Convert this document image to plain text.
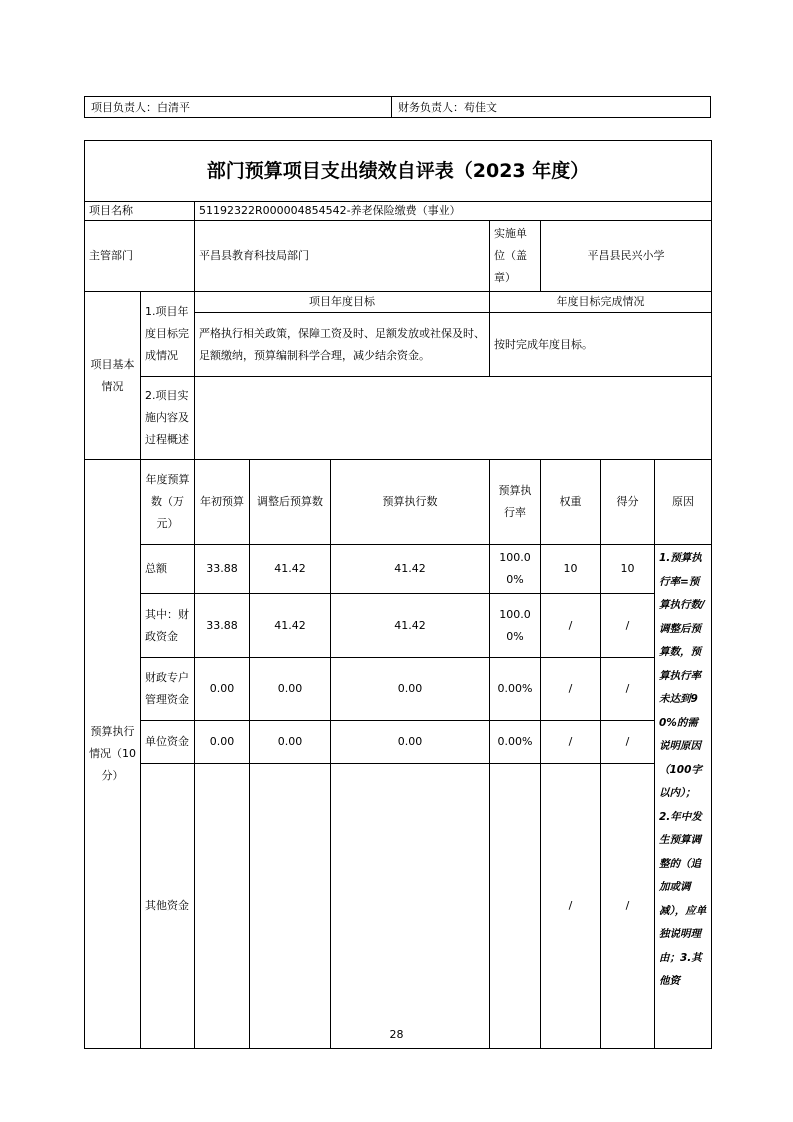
项目负责人：白清平	财务负责人：苟佳文
部门预算项目支出绩效自评表（2023 年度）								
项目名称		51192322R000004854542-养老保险缴费（事业）						
主管部门		平昌县教育科技局部门			实施单位（盖章）	平昌县民兴小学		
项目基本情况	1.项目年度目标完成情况	项目年度目标			年度目标完成情况			
		严格执行相关政策，保障工资及时、足额发放或社保及时、足额缴纳，预算编制科学合理，减少结余资金。			按时完成年度目标。			
	2.项目实施内容及过程概述							
预算执行情况（10分）	年度预算数（万元）	年初预算	调整后预算数	预算执行数	预算执行率	权重	得分	原因
	总额	33.88	41.42	41.42	100.00%	10	10	1.预算执行率=预算执行数/调整后预算数，预算执行率未达到90%的需说明原因（100字以内）；2.年中发生预算调整的（追加或调减），应单独说明理由；3.其他资
	其中：财政资金	33.88	41.42	41.42	100.00%	/	/	
	财政专户管理资金	0.00	0.00	0.00	0.00%	/	/	
	单位资金	0.00	0.00	0.00	0.00%	/	/	
	其他资金					/	/	
28
